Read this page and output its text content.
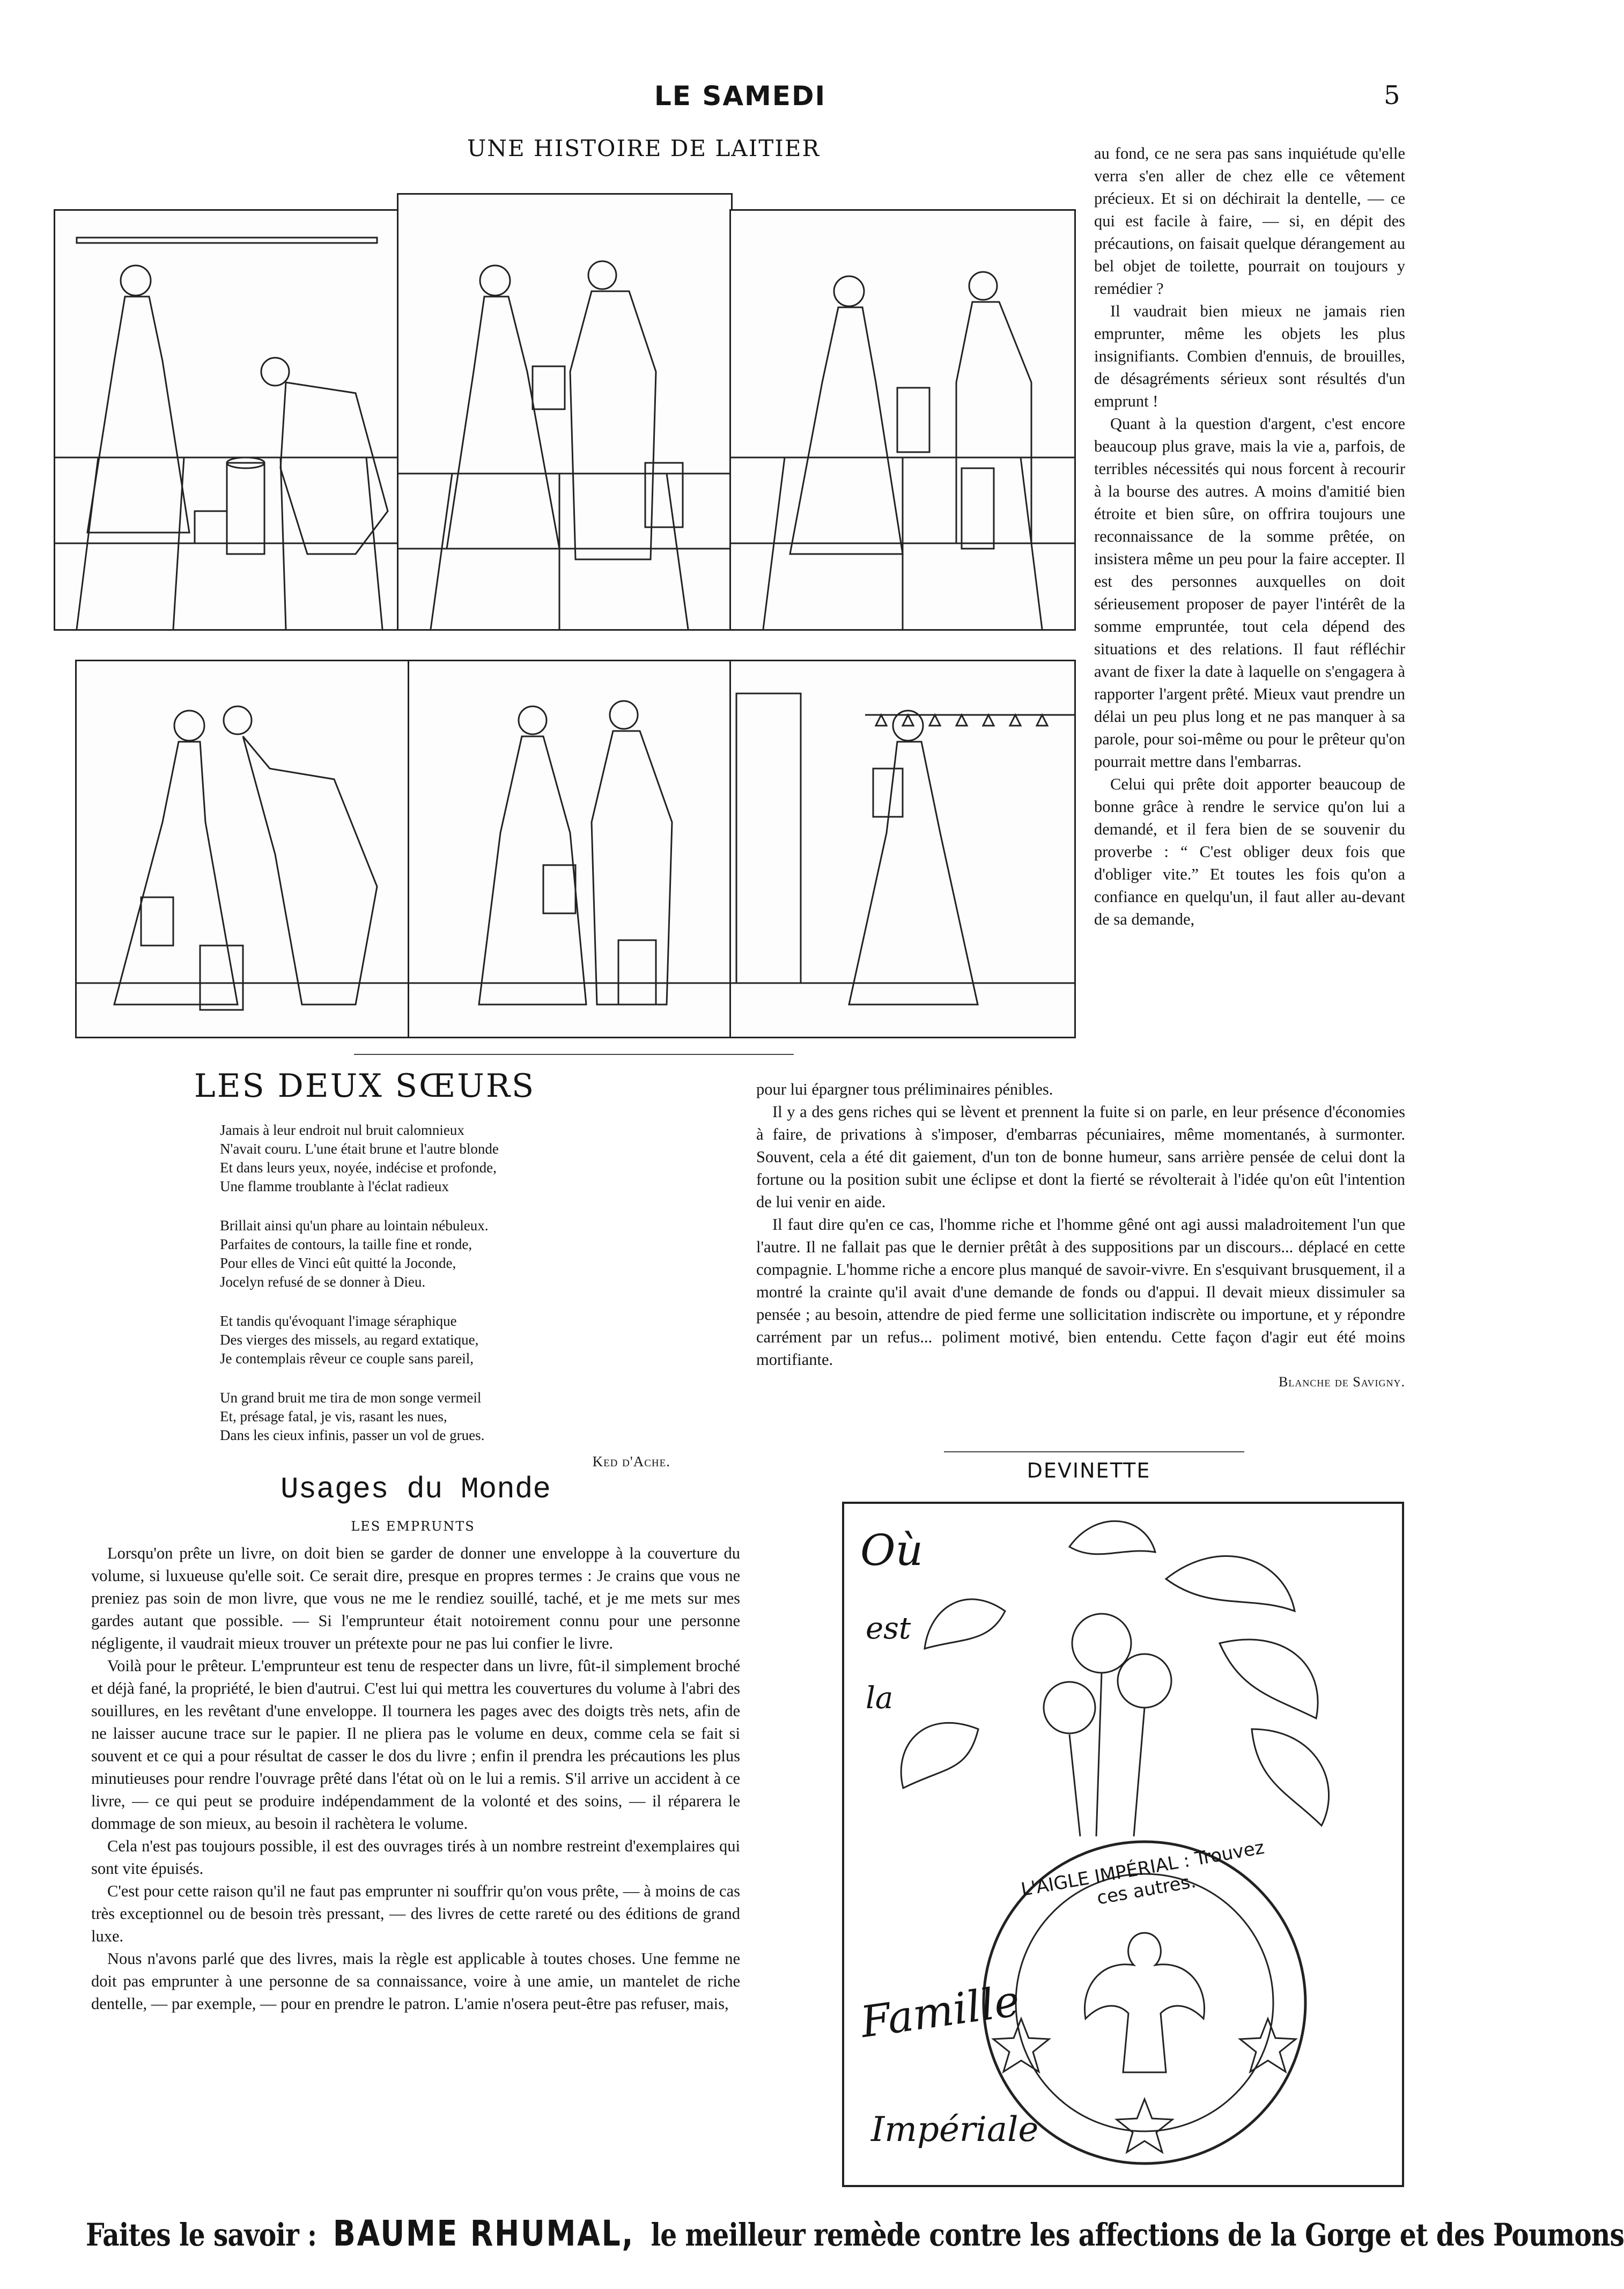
LE SAMEDI	5
UNE HISTOIRE DE LAITIER	au fond, ce ne sera pas sans inquiétude qu'elle verra s'en aller de chez elle ce vêtement précieux. Et si on déchirait la dentelle, — ce qui est facile à faire, — si, en dépit des précautions, on faisait quelque dérangement au bel objet de toilette, pourrait on toujours y remédier ?

Il vaudrait bien mieux ne jamais rien emprunter, même les objets les plus insignifiants. Combien d'ennuis, de brouilles, de désagréments sérieux sont résultés d'un emprunt !

Quant à la question d'argent, c'est encore beaucoup plus grave, mais la vie a, parfois, de terribles nécessités qui nous forcent à recourir à la bourse des autres. A moins d'amitié bien étroite et bien sûre, on offrira toujours une reconnaissance de la somme prêtée, on insistera même un peu pour la faire accepter. Il est des personnes auxquelles on doit sérieusement proposer de payer l'intérêt de la somme empruntée, tout cela dépend des situations et des relations. Il faut réfléchir avant de fixer la date à laquelle on s'engagera à rapporter l'argent prêté. Mieux vaut prendre un délai un peu plus long et ne pas manquer à sa parole, pour soi-même ou pour le prêteur qu'on pourrait mettre dans l'embarras.

Celui qui prête doit apporter beaucoup de bonne grâce à rendre le service qu'on lui a demandé, et il fera bien de se souvenir du proverbe : “ C'est obliger deux fois que d'obliger vite.” Et toutes les fois qu'on a confiance en quelqu'un, il faut aller au-devant de sa demande,

LES DEUX SŒURS
Jamais à leur endroit nul bruit calomnieux
N'avait couru. L'une était brune et l'autre blonde
Et dans leurs yeux, noyée, indécise et profonde,
Une flamme troublante à l'éclat radieux
Brillait ainsi qu'un phare au lointain nébuleux.
Parfaites de contours, la taille fine et ronde,
Pour elles de Vinci eût quitté la Joconde,
Jocelyn refusé de se donner à Dieu.
Et tandis qu'évoquant l'image séraphique
Des vierges des missels, au regard extatique,
Je contemplais rêveur ce couple sans pareil,
Un grand bruit me tira de mon songe vermeil
Et, présage fatal, je vis, rasant les nues,
Dans les cieux infinis, passer un vol de grues.
Ked d'Ache.

pour lui épargner tous préliminaires pénibles.

Il y a des gens riches qui se lèvent et prennent la fuite si on parle, en leur présence d'économies à faire, de privations à s'imposer, d'embarras pécuniaires, même momentanés, à surmonter. Souvent, cela a été dit gaiement, d'un ton de bonne humeur, sans arrière pensée de celui dont la fortune ou la position subit une éclipse et dont la fierté se révolterait à l'idée qu'on eût l'intention de lui venir en aide.

Il faut dire qu'en ce cas, l'homme riche et l'homme gêné ont agi aussi maladroitement l'un que l'autre. Il ne fallait pas que le dernier prêtât à des suppositions par un discours... déplacé en cette compagnie. L'homme riche a encore plus manqué de savoir-vivre. En s'esquivant brusquement, il a montré la crainte qu'il avait d'une demande de fonds ou d'appui. Il devait mieux dissimuler sa pensée ; au besoin, attendre de pied ferme une sollicitation indiscrète ou importune, et y répondre carrément par un refus... poliment motivé, bien entendu. Cette façon d'agir eut été moins mortifiante.

Blanche de Savigny.
Usages du Monde
LES EMPRUNTS

Lorsqu'on prête un livre, on doit bien se garder de donner une enveloppe à la couverture du volume, si luxueuse qu'elle soit. Ce serait dire, presque en propres termes : Je crains que vous ne preniez pas soin de mon livre, que vous ne me le rendiez souillé, taché, et je me mets sur mes gardes autant que possible. — Si l'emprunteur était notoirement connu pour une personne négligente, il vaudrait mieux trouver un prétexte pour ne pas lui confier le livre.

Voilà pour le prêteur. L'emprunteur est tenu de respecter dans un livre, fût-il simplement broché et déjà fané, la propriété, le bien d'autrui. C'est lui qui mettra les couvertures du volume à l'abri des souillures, en les revêtant d'une enveloppe. Il tournera les pages avec des doigts très nets, afin de ne laisser aucune trace sur le papier. Il ne pliera pas le volume en deux, comme cela se fait si souvent et ce qui a pour résultat de casser le dos du livre ; enfin il prendra les précautions les plus minutieuses pour rendre l'ouvrage prêté dans l'état où on le lui a remis. S'il arrive un accident à ce livre, — ce qui peut se produire indépendamment de la volonté et des soins, — il réparera le dommage de son mieux, au besoin il rachètera le volume.

Cela n'est pas toujours possible, il est des ouvrages tirés à un nombre restreint d'exemplaires qui sont vite épuisés.

C'est pour cette raison qu'il ne faut pas emprunter ni souffrir qu'on vous prête, — à moins de cas très exceptionnel ou de besoin très pressant, — des livres de cette rareté ou des éditions de grand luxe.

Nous n'avons parlé que des livres, mais la règle est applicable à toutes choses. Une femme ne doit pas emprunter à une personne de sa connaissance, voire à une amie, un mantelet de riche dentelle, — par exemple, — pour en prendre le patron. L'amie n'osera peut-être pas refuser, mais,

DEVINETTE
Où
est
la
Famille
Impériale
L'AIGLE IMPÉRIAL : Trouvez ces autres.
Faites le savoir : BAUME RHUMAL, le meilleur remède contre les affections de la Gorge et des Poumons
